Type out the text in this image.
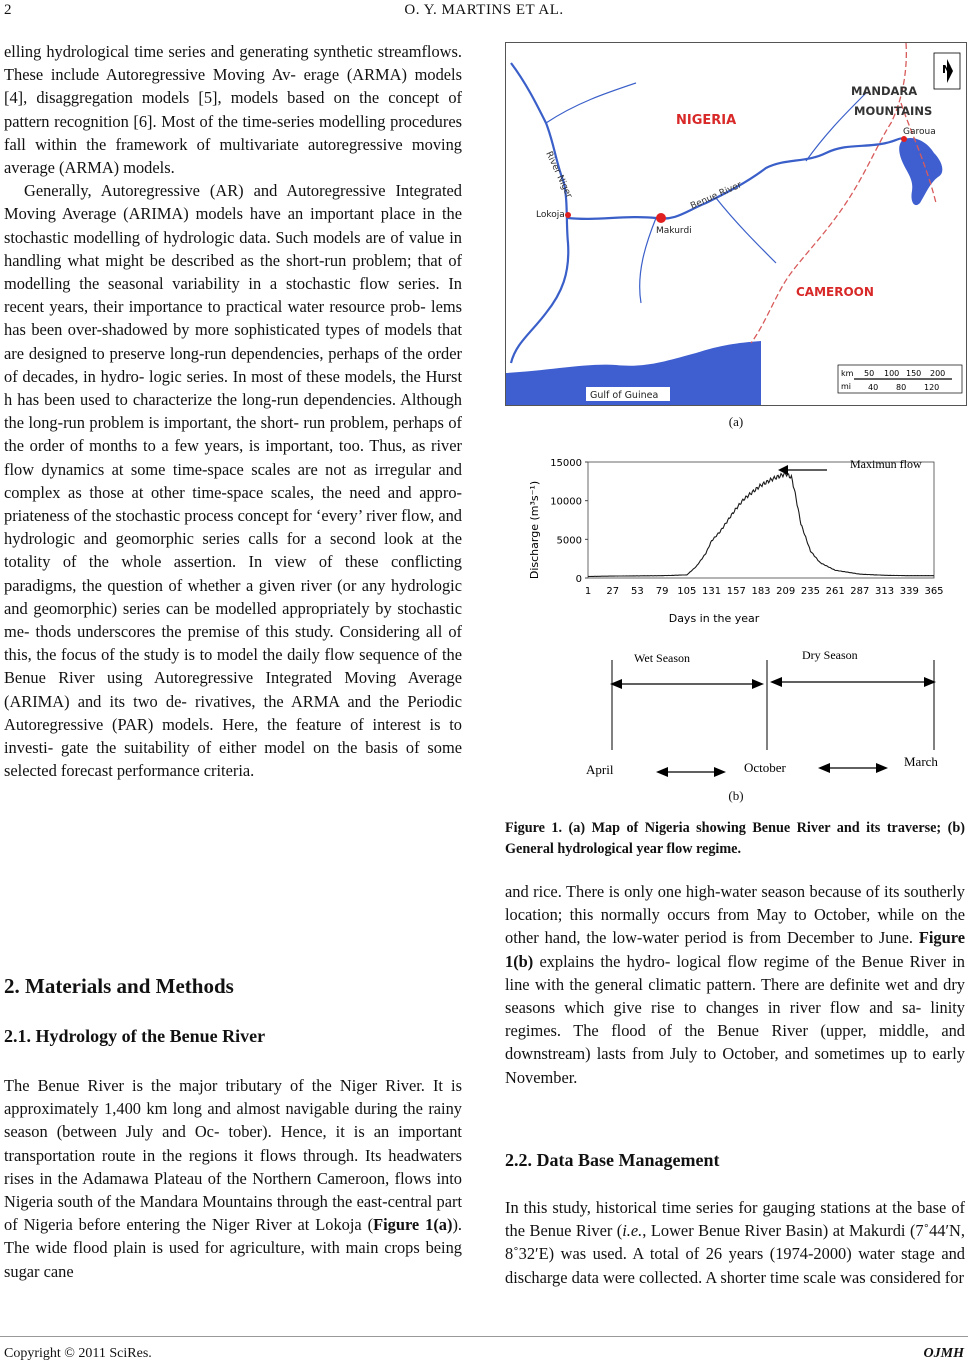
2	O. Y. MARTINS ET AL.

elling hydrological time series and generating synthetic streamflows. These include Autoregressive Moving Av- erage (ARMA) models [4], disaggregation models [5], models based on the concept of pattern recognition [6]. Most of the time-series modelling procedures fall within the framework of multivariate autoregressive moving average (ARMA) models.

Generally, Autoregressive (AR) and Autoregressive Integrated Moving Average (ARIMA) models have an important place in the stochastic modelling of hydrologic data. Such models are of value in handling what might be described as the short-run problem; that of modelling the seasonal variability in a stochastic flow series. In recent years, their importance to practical water resource prob- lems has been over-shadowed by more sophisticated types of models that are designed to preserve long-run dependencies, perhaps of the order of decades, in hydro- logic series. In most of these models, the Hurst h has been used to characterize the long-run dependencies. Although the long-run problem is important, the short- run problem, perhaps of the order of months to a few years, is important, too. Thus, as river flow dynamics at some time-space scales are not as irregular and complex as those at other time-space scales, the need and appro- priateness of the stochastic process concept for ‘every’ river flow, and hydrologic and geomorphic series calls for a second look at the totality of the whole assertion. In view of these conflicting paradigms, the question of whether a given river (or any hydrologic and geomorphic) series can be modelled appropriately by stochastic me- thods underscores the premise of this study. Considering all of this, the focus of the study is to model the daily flow sequence of the Benue River using Autoregressive Integrated Moving Average (ARIMA) and its two de- rivatives, the ARMA and the Periodic Autoregressive (PAR) models. Here, the feature of interest is to investi- gate the suitability of either model on the basis of some selected forecast performance criteria.

2. Materials and Methods
2.1. Hydrology of the Benue River

The Benue River is the major tributary of the Niger River. It is approximately 1,400 km long and almost navigable during the rainy season (between July and Oc- tober). Hence, it is an important transportation route in the regions it flows through. Its headwaters rises in the Adamawa Plateau of the Northern Cameroon, flows into Nigeria south of the Mandara Mountains through the east-central part of Nigeria before entering the Niger River at Lokoja (Figure 1(a)). The wide flood plain is used for agriculture, with main crops being sugar cane

N
NIGERIA
CAMEROON
MANDARA
MOUNTAINS
Garoua
River Niger	Benue River
Lokoja
Makurdi
Gulf of Guinea
km
mi
50 100 150 200
40 80 120
(a)
0
5000
10000
15000
1 27 53 79 105 131 157 183 209 235 261 287 313 339 365
Days in the year
Discharge (m³s⁻¹)
Maximun flow
Wet Season	Dry Season
April	October	March
(b)
Figure 1. (a) Map of Nigeria showing Benue River and its traverse; (b) General hydrological year flow regime.

and rice. There is only one high-water season because of its southerly location; this normally occurs from May to October, while on the other hand, the low-water period is from December to June. Figure 1(b) explains the hydro- logical flow regime of the Benue River in line with the general climatic pattern. There are definite wet and dry seasons which give rise to changes in river flow and sa- linity regimes. The flood of the Benue River (upper, middle, and downstream) lasts from July to October, and sometimes up to early November.

2.2. Data Base Management

In this study, historical time series for gauging stations at the base of the Benue River (i.e., Lower Benue River Basin) at Makurdi (7˚44′N, 8˚32′E) was used. A total of 26 years (1974-2000) water stage and discharge data were collected. A shorter time scale was considered for

Copyright © 2011 SciRes.	OJMH
